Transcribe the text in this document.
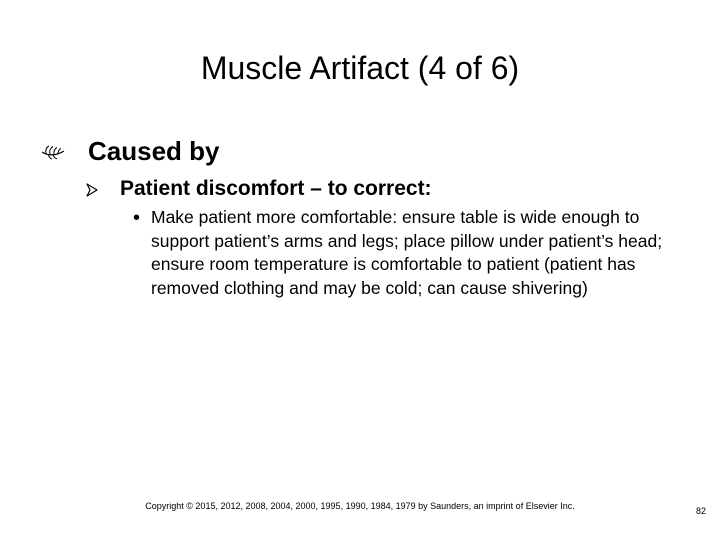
Muscle Artifact (4 of 6)
Caused by
Patient discomfort – to correct:
• Make patient more comfortable: ensure table is wide enough to support patient’s arms and legs; place pillow under patient’s head; ensure room temperature is comfortable to patient (patient has removed clothing and may be cold; can cause shivering)
Copyright © 2015, 2012, 2008, 2004, 2000, 1995, 1990, 1984, 1979 by Saunders, an imprint of Elsevier Inc.	82
